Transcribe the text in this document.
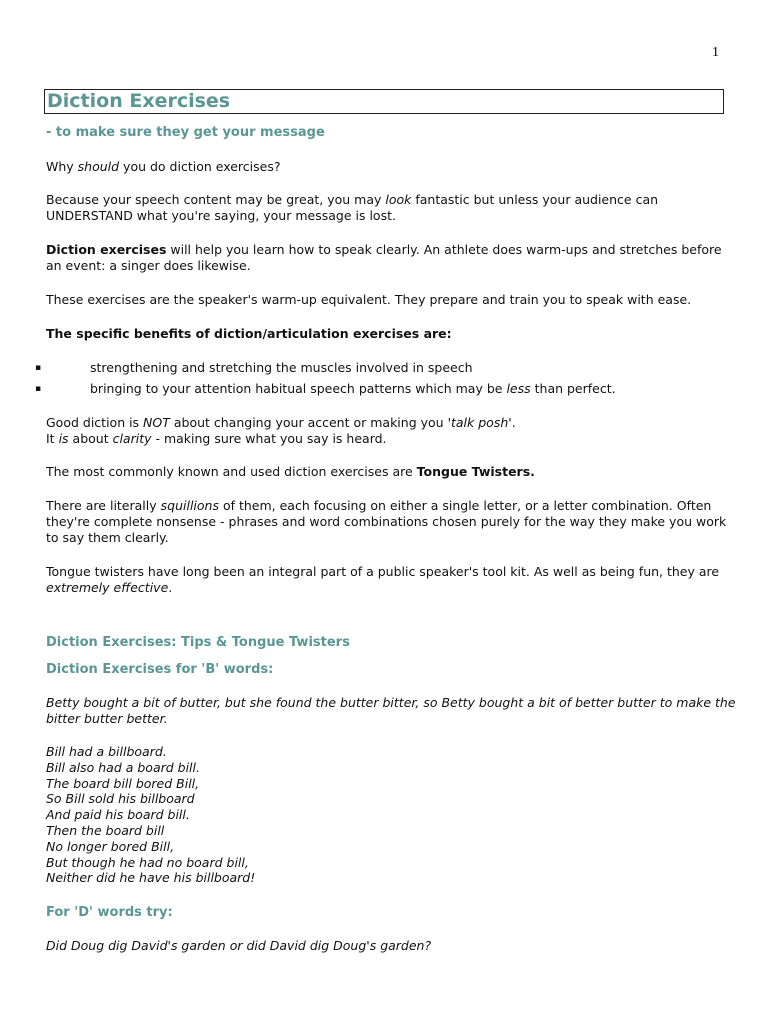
1
Diction Exercises
- to make sure they get your message
Why should you do diction exercises?
Because your speech content may be great, you may look fantastic but unless your audience can UNDERSTAND what you're saying, your message is lost.
Diction exercises will help you learn how to speak clearly. An athlete does warm-ups and stretches before an event: a singer does likewise.
These exercises are the speaker's warm-up equivalent. They prepare and train you to speak with ease.
The specific benefits of diction/articulation exercises are:
▪	strengthening and stretching the muscles involved in speech
▪	bringing to your attention habitual speech patterns which may be less than perfect.
Good diction is NOT about changing your accent or making you 'talk posh'.
It is about clarity - making sure what you say is heard.
The most commonly known and used diction exercises are Tongue Twisters.
There are literally squillions of them, each focusing on either a single letter, or a letter combination. Often they're complete nonsense - phrases and word combinations chosen purely for the way they make you work to say them clearly.
Tongue twisters have long been an integral part of a public speaker's tool kit. As well as being fun, they are extremely effective.
Diction Exercises: Tips & Tongue Twisters
Diction Exercises for 'B' words:
Betty bought a bit of butter, but she found the butter bitter, so Betty bought a bit of better butter to make the bitter butter better.
Bill had a billboard.
Bill also had a board bill.
The board bill bored Bill,
So Bill sold his billboard
And paid his board bill.
Then the board bill
No longer bored Bill,
But though he had no board bill,
Neither did he have his billboard!
For 'D' words try:
Did Doug dig David's garden or did David dig Doug's garden?
